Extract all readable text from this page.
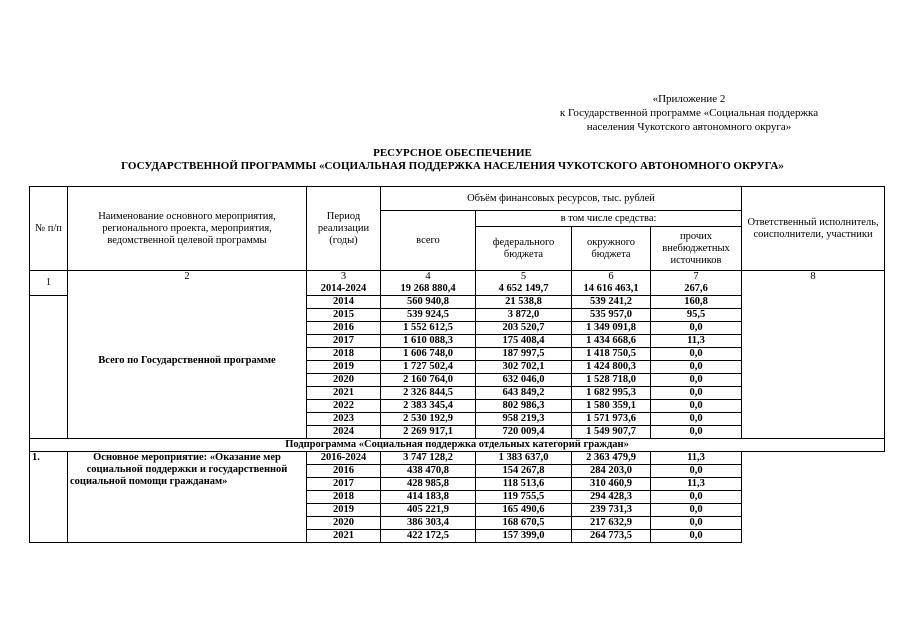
«Приложение 2
к Государственной программе «Социальная поддержка
населения Чукотского автономного округа»
РЕСУРСНОЕ ОБЕСПЕЧЕНИЕ
ГОСУДАРСТВЕННОЙ ПРОГРАММЫ «СОЦИАЛЬНАЯ ПОДДЕРЖКА НАСЕЛЕНИЯ ЧУКОТСКОГО АВТОНОМНОГО ОКРУГА»
№ п/п	Наименование основного мероприятия, регионального проекта, мероприятия, ведомственной целевой программы	Период реализации (годы)	Объём финансовых ресурсов, тыс. рублей				Ответственный исполнитель, соисполнители, участники
			всего	в том числе средства:			
				федерального бюджета	окружного бюджета	прочих внебюджетных источников	
1	2	3	4	5	6	7	8
	Всего по Государственной программе	2014-2024	19 268 880,4	4 652 149,7	14 616 463,1	267,6	
		2014	560 940,8	21 538,8	539 241,2	160,8	
		2015	539 924,5	3 872,0	535 957,0	95,5	
		2016	1 552 612,5	203 520,7	1 349 091,8	0,0	
		2017	1 610 088,3	175 408,4	1 434 668,6	11,3	
		2018	1 606 748,0	187 997,5	1 418 750,5	0,0	
		2019	1 727 502,4	302 702,1	1 424 800,3	0,0	
		2020	2 160 764,0	632 046,0	1 528 718,0	0,0	
		2021	2 326 844,5	643 849,2	1 682 995,3	0,0	
		2022	2 383 345,4	802 986,3	1 580 359,1	0,0	
		2023	2 530 192,9	958 219,3	1 571 973,6	0,0	
		2024	2 269 917,1	720 009,4	1 549 907,7	0,0	
Подпрограмма «Социальная поддержка отдельных категорий граждан»							
1.	Основное мероприятие: «Оказание мер социальной поддержки и государственной социальной помощи гражданам»	2016-2024	3 747 128,2	1 383 637,0	2 363 479,9	11,3	
		2016	438 470,8	154 267,8	284 203,0	0,0	
		2017	428 985,8	118 513,6	310 460,9	11,3	
		2018	414 183,8	119 755,5	294 428,3	0,0	
		2019	405 221,9	165 490,6	239 731,3	0,0	
		2020	386 303,4	168 670,5	217 632,9	0,0	
		2021	422 172,5	157 399,0	264 773,5	0,0	
